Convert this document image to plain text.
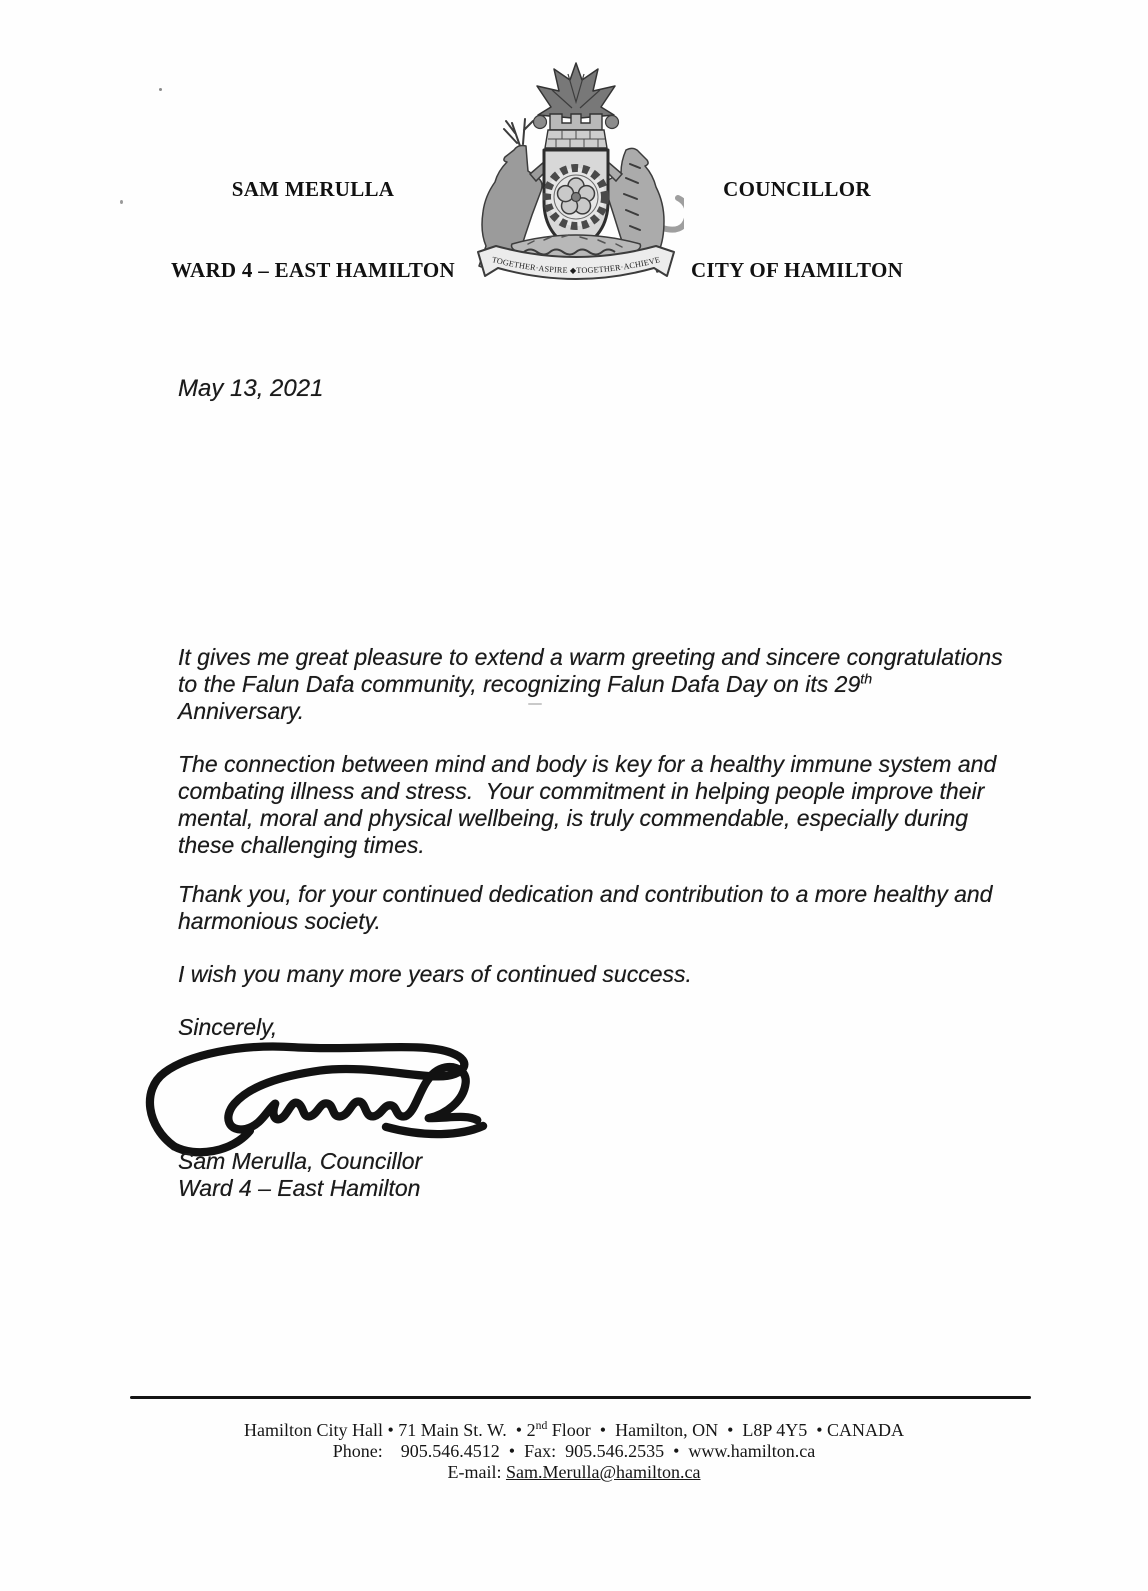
SAM MERULLA

WARD 4 – EAST HAMILTON

	TOGETHER·ASPIRE ◆TOGETHER·ACHIEVE

COUNCILLOR

CITY OF HAMILTON

May 13, 2021
It gives me great pleasure to extend a warm greeting and sincere congratulations
to the Falun Dafa community, recognizing Falun Dafa Day on its 29th
Anniversary.
The connection between mind and body is key for a healthy immune system and
combating illness and stress.  Your commitment in helping people improve their
mental, moral and physical wellbeing, is truly commendable, especially during
these challenging times.
Thank you, for your continued dedication and contribution to a more healthy and
harmonious society.
I wish you many more years of continued success.
Sincerely,
Sam Merulla, Councillor
Ward 4 – East Hamilton
Hamilton City Hall • 71 Main St. W.  • 2nd Floor  •  Hamilton, ON  •  L8P 4Y5  • CANADA
Phone:    905.546.4512  •  Fax:  905.546.2535  •  www.hamilton.ca
E-mail: Sam.Merulla@hamilton.ca
